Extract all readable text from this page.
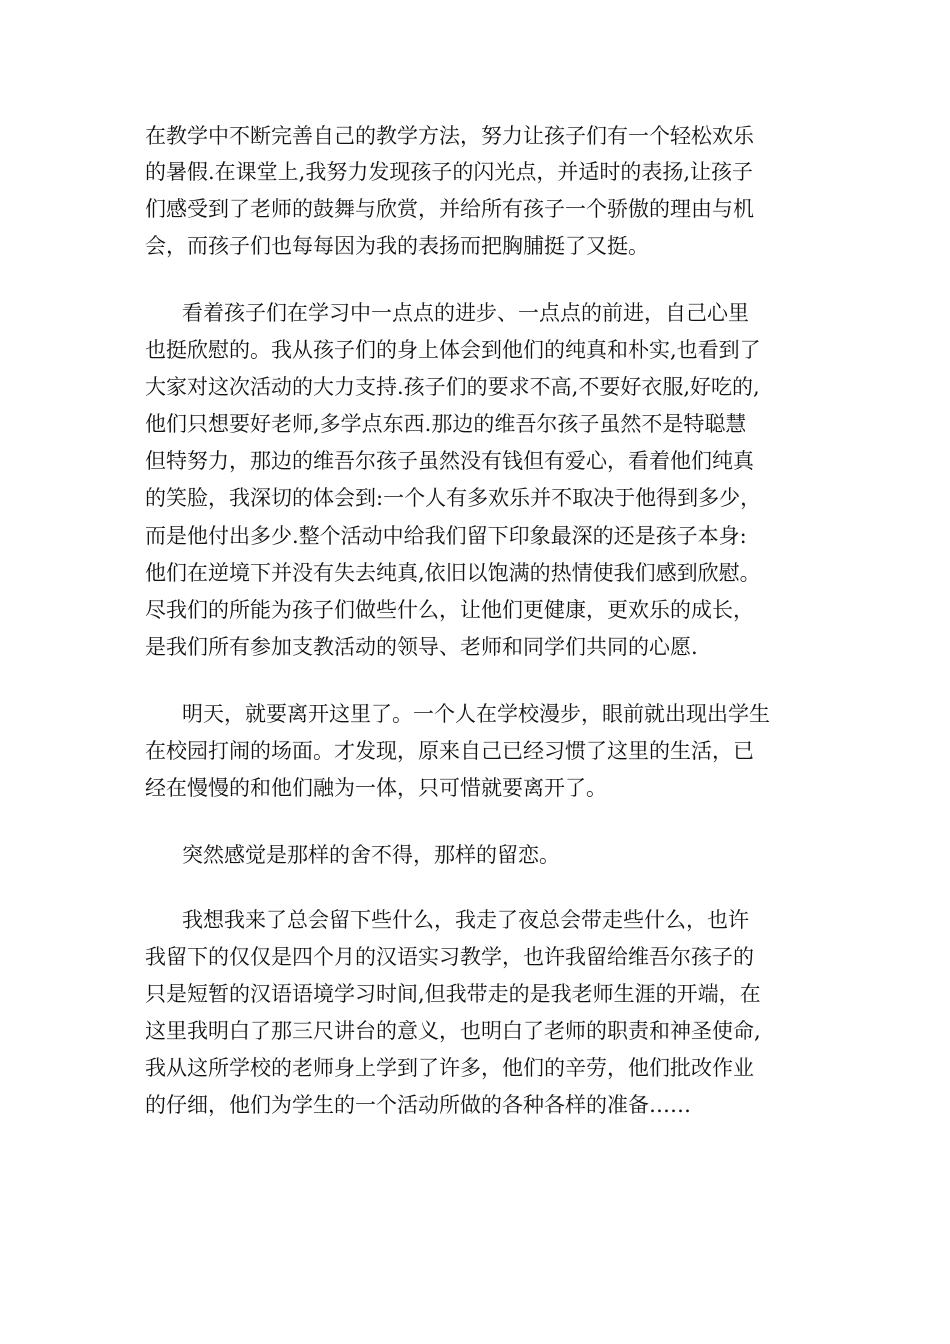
在教学中不断完善自己的教学方法，努力让孩子们有一个轻松欢乐

的暑假.在课堂上,我努力发现孩子的闪光点，并适时的表扬,让孩子

们感受到了老师的鼓舞与欣赏，并给所有孩子一个骄傲的理由与机

会，而孩子们也每每因为我的表扬而把胸脯挺了又挺。

看着孩子们在学习中一点点的进步、一点点的前进，自己心里

也挺欣慰的。我从孩子们的身上体会到他们的纯真和朴实,也看到了

大家对这次活动的大力支持.孩子们的要求不高,不要好衣服,好吃的,

他们只想要好老师,多学点东西.那边的维吾尔孩子虽然不是特聪慧

但特努力，那边的维吾尔孩子虽然没有钱但有爱心，看着他们纯真

的笑脸，我深切的体会到:一个人有多欢乐并不取决于他得到多少，

而是他付出多少.整个活动中给我们留下印象最深的还是孩子本身:

他们在逆境下并没有失去纯真,依旧以饱满的热情使我们感到欣慰。

尽我们的所能为孩子们做些什么，让他们更健康，更欢乐的成长，

是我们所有参加支教活动的领导、老师和同学们共同的心愿.

明天，就要离开这里了。一个人在学校漫步，眼前就出现出学生

在校园打闹的场面。才发现，原来自己已经习惯了这里的生活，已

经在慢慢的和他们融为一体，只可惜就要离开了。

突然感觉是那样的舍不得，那样的留恋。

我想我来了总会留下些什么，我走了夜总会带走些什么，也许

我留下的仅仅是四个月的汉语实习教学，也许我留给维吾尔孩子的

只是短暂的汉语语境学习时间,但我带走的是我老师生涯的开端，在

这里我明白了那三尺讲台的意义，也明白了老师的职责和神圣使命,

我从这所学校的老师身上学到了许多，他们的辛劳，他们批改作业

的仔细，他们为学生的一个活动所做的各种各样的准备……
